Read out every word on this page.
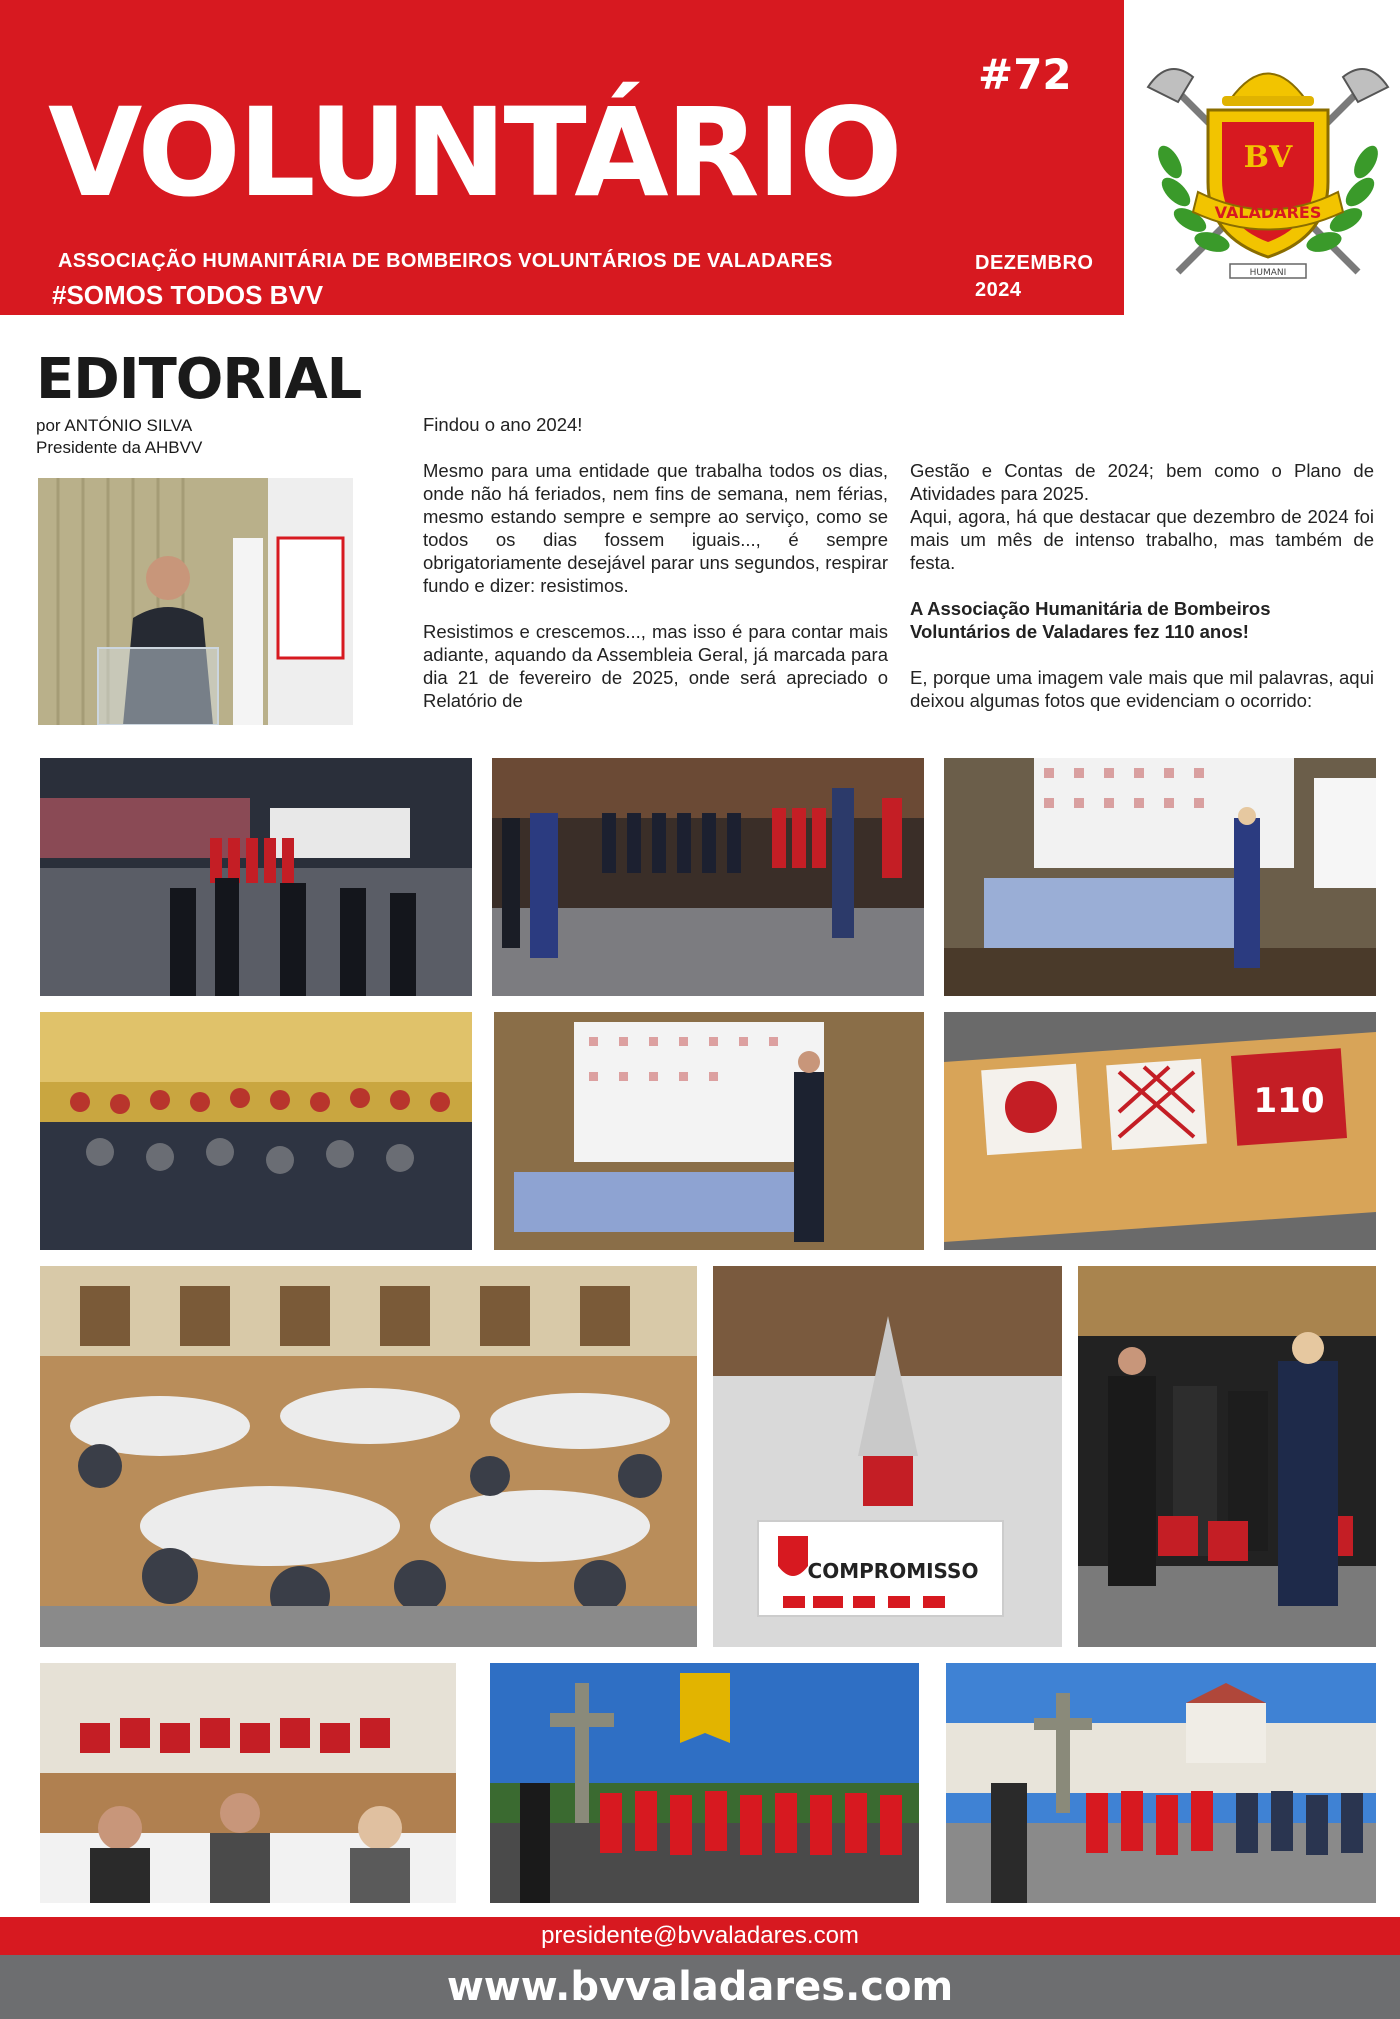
VOLUNTÁRIO
#72
ASSOCIAÇÃO HUMANITÁRIA DE BOMBEIROS VOLUNTÁRIOS DE VALADARES
#SOMOS TODOS BVV
DEZEMBRO
2024
BV
VALADARES
HUMANI
EDITORIAL
por ANTÓNIO SILVA
Presidente da AHBVV

Findou o ano 2024!

Mesmo para uma entidade que trabalha todos os dias, onde não há feriados, nem fins de semana, nem férias, mesmo estando sempre e sempre ao serviço, como se todos os dias fossem iguais..., é sempre obrigatoriamente desejável parar uns segundos, respirar fundo e dizer: resistimos.

Resistimos e crescemos..., mas isso é para contar mais adiante, aquando da Assembleia Geral, já marcada para dia 21 de fevereiro de 2025, onde será apreciado o Relatório de

Gestão e Contas de 2024; bem como o Plano de Atividades para 2025.

Aqui, agora, há que destacar que dezembro de 2024 foi mais um mês de intenso trabalho, mas também de festa.

A Associação Humanitária de Bombeiros Voluntários de Valadares fez 110 anos!

E, porque uma imagem vale mais que mil palavras, aqui deixou algumas fotos que evidenciam o ocorrido:

110
COMPROMISSO
presidente@bvvaladares.com
www.bvvaladares.com
